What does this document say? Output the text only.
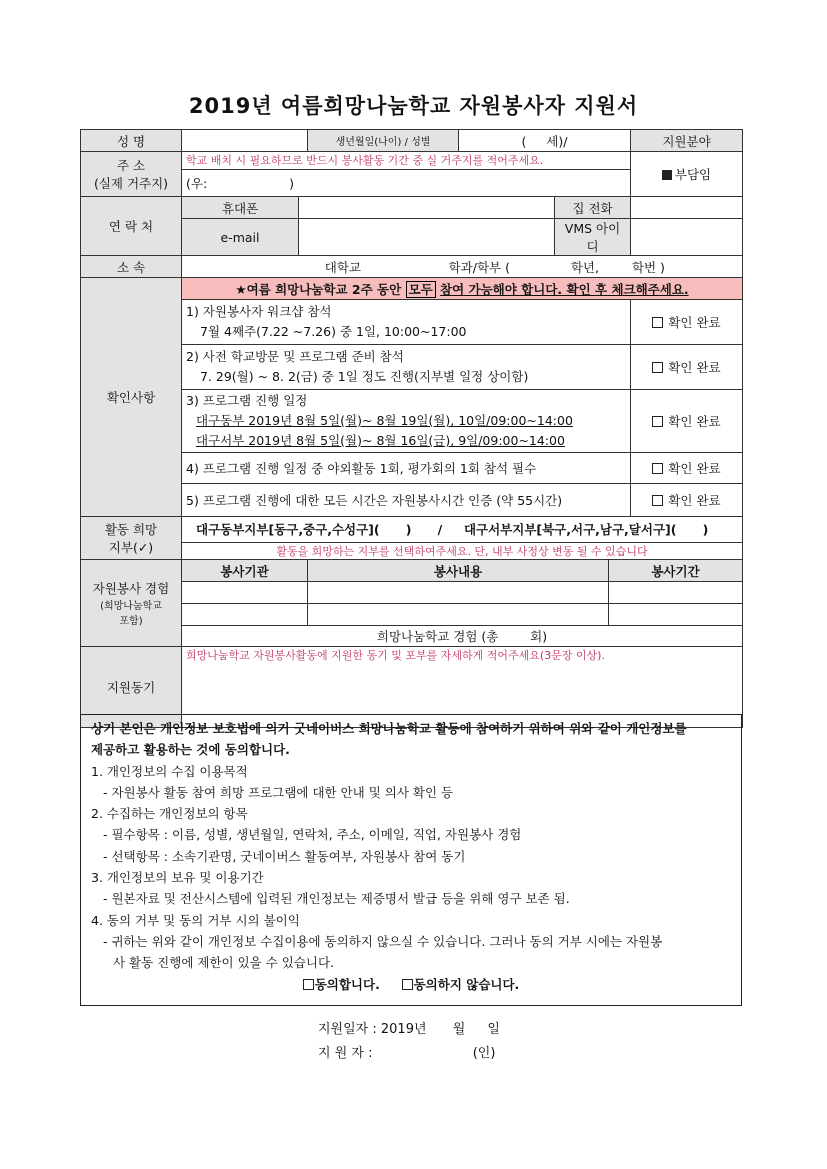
2019년 여름희망나눔학교 자원봉사자 지원서
성 명			생년월일(나이) / 성별	( 세)/			지원분야

주 소
(실제 거주지)	학교 배치 시 필요하므로 반드시 봉사활동 기간 중 실 거주지를 적어주세요.						부담임
	(우: )						
연 락 처	휴대폰				집 전화		
	e-mail				VMS 아이디		
소 속	대학교 학과/학부 ( 학년, 학번 )						
확인사항	★여름 희망나눔학교 2주 동안 모두 참여 가능해야 합니다. 확인 후 체크해주세요.						

	1) 자원봉사자 워크샵 참석
7월 4째주(7.22 ~7.26) 중 1일, 10:00~17:00						확인 완료

	2) 사전 학교방문 및 프로그램 준비 참석
7. 29(월) ~ 8. 2(금) 중 1일 정도 진행(지부별 일정 상이함)						확인 완료

	3) 프로그램 진행 일정
대구동부 2019년 8월 5일(월)~ 8월 19일(월), 10일/09:00~14:00
대구서부 2019년 8월 5일(월)~ 8월 16일(금), 9일/09:00~14:00						확인 완료
	4) 프로그램 진행 일정 중 야외활동 1회, 평가회의 1회 참석 필수						확인 완료
	5) 프로그램 진행에 대한 모든 시간은 자원봉사시간 인증 (약 55시간)						확인 완료

활동 희망
지부(✓)	대구동부지부[동구,중구,수성구]( ) / 대구서부지부[북구,서구,남구,달서구]( )						
	활동을 희망하는 지부를 선택하여주세요. 단, 내부 사정상 변동 될 수 있습니다						

자원봉사 경험
(희망나눔학교
포함)	봉사기관		봉사내용			봉사기간	

	희망나눔학교 경험 (총 회)						
지원동기	희망나눔학교 자원봉사활동에 지원한 동기 및 포부를 자세하게 적어주세요(3문장 이상).						
상기 본인은 개인정보 보호법에 의거 굿네이버스 희망나눔학교 활동에 참여하기 위하여 위와 같이 개인정보를
제공하고 활용하는 것에 동의합니다.
1. 개인정보의 수집 이용목적
- 자원봉사 활동 참여 희망 프로그램에 대한 안내 및 의사 확인 등
2. 수집하는 개인정보의 항목
- 필수항목 : 이름, 성별, 생년월일, 연락처, 주소, 이메일, 직업, 자원봉사 경험
- 선택항목 : 소속기관명, 굿네이버스 활동여부, 자원봉사 참여 동기
3. 개인정보의 보유 및 이용기간
- 원본자료 및 전산시스템에 입력된 개인정보는 제증명서 발급 등을 위해 영구 보존 됨.
4. 동의 거부 및 동의 거부 시의 불이익
- 귀하는 위와 같이 개인정보 수집이용에 동의하지 않으실 수 있습니다. 그러나 동의 거부 시에는 자원봉
사 활동 진행에 제한이 있을 수 있습니다.
동의합니다.	동의하지 않습니다.
지원일자 : 2019년 월 일
지 원 자 :	(인)
